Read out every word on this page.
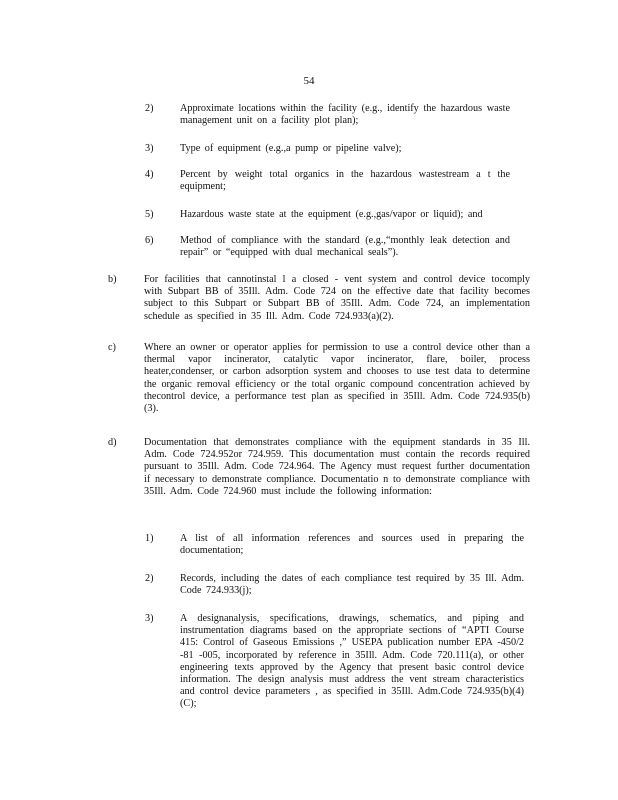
54
2)	Approximate locations within the facility (e.g., identify the hazardous waste management unit on a facility plot plan);
3)	Type of equipment (e.g.,a pump or pipeline valve);
4)	Percent by weight total organics in the hazardous wastestream a t the equipment;
5)	Hazardous waste state at the equipment (e.g.,gas/vapor or liquid); and
6)	Method of compliance with the standard (e.g.,“monthly leak detection and repair” or “equipped with dual mechanical seals”).
b)	For facilities that cannotinstal l a closed - vent system and control device tocomply with Subpart BB of 35Ill. Adm. Code 724 on the effective date that facility becomes subject to this Subpart or Subpart BB of 35Ill. Adm. Code 724, an implementation schedule as specified in 35 Ill. Adm. Code 724.933(a)(2).
c)	Where an owner or operator applies for permission to use a control device other than a thermal vapor incinerator, catalytic vapor incinerator, flare, boiler, process heater,condenser, or carbon adsorption system and chooses to use test data to determine the organic removal efficiency or the total organic compound concentration achieved by thecontrol device, a performance test plan as specified in 35Ill. Adm. Code 724.935(b)(3).
d)	Documentation that demonstrates compliance with the equipment standards in 35 Ill. Adm. Code 724.952or 724.959. This documentation must contain the records required pursuant to 35Ill. Adm. Code 724.964. The Agency must request further documentation if necessary to demonstrate compliance. Documentatio n to demonstrate compliance with 35Ill. Adm. Code 724.960 must include the following information:
1)	A list of all information references and sources used in preparing the documentation;
2)	Records, including the dates of each compliance test required by 35 Ill. Adm. Code 724.933(j);
3)	A designanalysis, specifications, drawings, schematics, and piping and instrumentation diagrams based on the appropriate sections of “APTI Course 415: Control of Gaseous Emissions ,” USEPA publication number EPA -450/2 -81 -005, incorporated by reference in 35Ill. Adm. Code 720.111(a), or other engineering texts approved by the Agency that present basic control device information. The design analysis must address the vent stream characteristics and control device parameters , as specified in 35Ill. Adm.Code 724.935(b)(4)(C);
